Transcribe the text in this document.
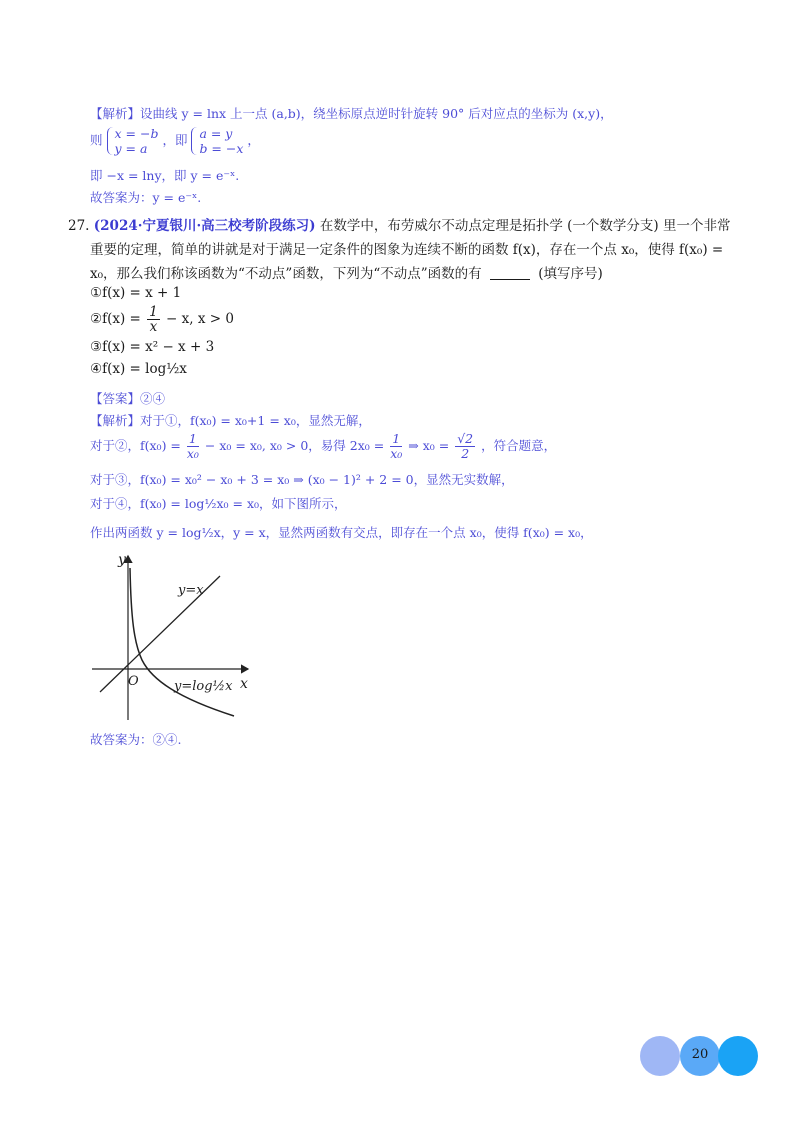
【解析】设曲线 y = lnx 上一点 (a,b)，绕坐标原点逆时针旋转 90° 后对应点的坐标为 (x,y)，
则 x = −b
y = a
，即 a = y
b = −x
，
即 −x = lny，即 y = e⁻ˣ.
故答案为：y = e⁻ˣ.
27. (2024·宁夏银川·高三校考阶段练习) 在数学中，布劳威尔不动点定理是拓扑学 (一个数学分支) 里一个非常
重要的定理，简单的讲就是对于满足一定条件的图象为连续不断的函数 f(x)，存在一个点 x₀，使得 f(x₀) =
x₀，那么我们称该函数为“不动点”函数，下列为“不动点”函数的有	(填写序号)
①f(x) = x + 1
②f(x) = $\frac{1}{x} - x$, x > 0
③f(x) = x² − x + 3
④f(x) = log½x
【答案】②④
【解析】对于①，f(x₀) = x₀+1 = x₀，显然无解，
对于②，$f(x_0) = \frac{1}{\text{x₀}} - x_0 = x_0$, x₀ > 0，易得 $2x_0 = \frac{1}{\text{x₀}}$ ⇒ $x_0 = \frac{√2}{2}$ ，符合题意，
对于③，f(x₀) = x₀² − x₀ + 3 = x₀ ⇒ (x₀ − 1)² + 2 = 0，显然无实数解，
对于④，f(x₀) = log½x₀ = x₀，如下图所示，
作出两函数 y = log½x，y = x，显然两函数有交点，即存在一个点 x₀，使得 f(x₀) = x₀，
y
x
O
y=x
y=log½x
故答案为：②④.
20
